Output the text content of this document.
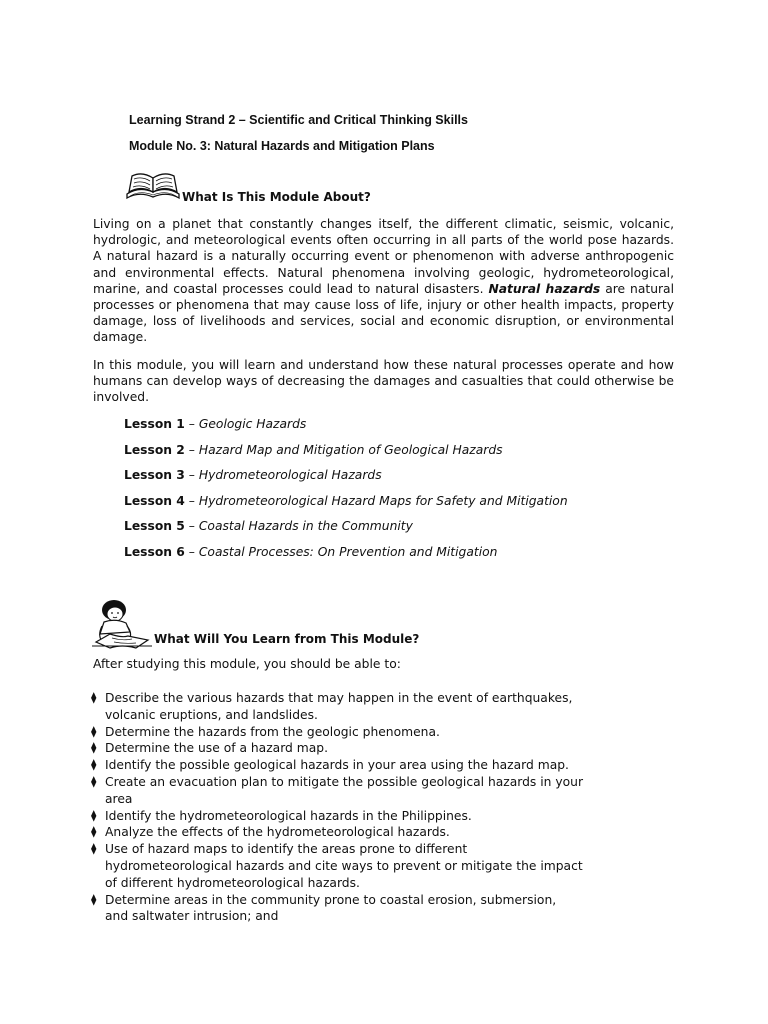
Learning Strand 2 – Scientific and Critical Thinking Skills
Module No. 3: Natural Hazards and Mitigation Plans
What Is This Module About?

Living on a planet that constantly changes itself, the different climatic, seismic, volcanic, hydrologic, and meteorological events often occurring in all parts of the world pose hazards. A natural hazard is a naturally occurring event or phenomenon with adverse anthropogenic and environmental effects. Natural phenomena involving geologic, hydrometeorological, marine, and coastal processes could lead to natural disasters. Natural hazards are natural processes or phenomena that may cause loss of life, injury or other health impacts, property damage, loss of livelihoods and services, social and economic disruption, or environmental damage.

In this module, you will learn and understand how these natural processes operate and how humans can develop ways of decreasing the damages and casualties that could otherwise be involved.

Lesson 1 – Geologic Hazards
Lesson 2 – Hazard Map and Mitigation of Geological Hazards
Lesson 3 – Hydrometeorological Hazards
Lesson 4 – Hydrometeorological Hazard Maps for Safety and Mitigation
Lesson 5 – Coastal Hazards in the Community
Lesson 6 – Coastal Processes: On Prevention and Mitigation
What Will You Learn from This Module?
After studying this module, you should be able to:
⧫ Describe the various hazards that may happen in the event of earthquakes,
volcanic eruptions, and landslides.
⧫ Determine the hazards from the geologic phenomena.
⧫ Determine the use of a hazard map.
⧫ Identify the possible geological hazards in your area using the hazard map.
⧫ Create an evacuation plan to mitigate the possible geological hazards in your
area
⧫ Identify the hydrometeorological hazards in the Philippines.
⧫ Analyze the effects of the hydrometeorological hazards.
⧫ Use of hazard maps to identify the areas prone to different
hydrometeorological hazards and cite ways to prevent or mitigate the impact
of different hydrometeorological hazards.
⧫ Determine areas in the community prone to coastal erosion, submersion,
and saltwater intrusion; and
